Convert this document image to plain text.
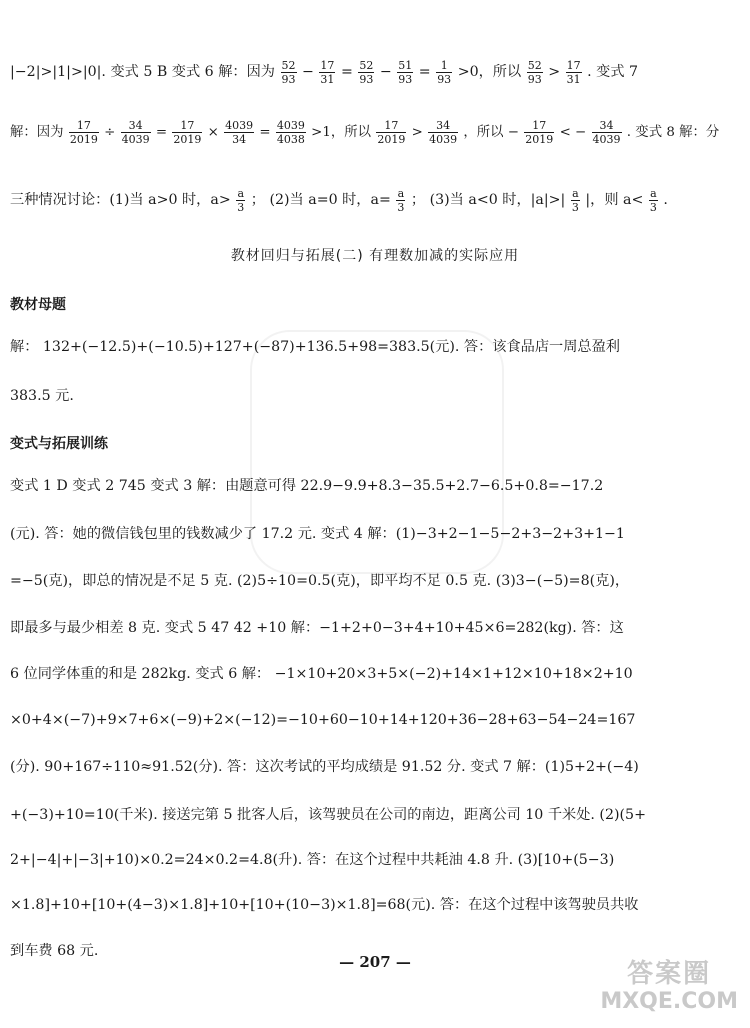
|−2|>|1|>|0|. 变式 5 B 变式 6 解：因为 $\frac{52}{93} - \frac{17}{31} = \frac{52}{93} - \frac{51}{93} = \frac{1}{93} >0$，所以 $\frac{52}{93} > \frac{17}{31}$ . 变式 7
解：因为 $\frac{17}{2019} \div \frac{34}{4039} = \frac{17}{2019} \times \frac{4039}{34} = \frac{4039}{4038} >1$，所以 $\frac{17}{2019} > \frac{34}{4039}$ ，所以 − $\frac{17}{2019}$ < − $\frac{34}{4039}$ . 变式 8 解：分
三种情况讨论：(1)当 a>0 时，$a> \frac{a}{3}$ ； (2)当 a=0 时，$a= \frac{a}{3}$ ； (3)当 a<0 时，$|a|>| \frac{a}{3}$ |，则 $a< \frac{a}{3}$ .
教材回归与拓展(二) 有理数加减的实际应用
教材母题
解： 132+(−12.5)+(−10.5)+127+(−87)+136.5+98=383.5(元). 答：该食品店一周总盈利
383.5 元.
变式与拓展训练
变式 1 D 变式 2 745 变式 3 解：由题意可得 22.9−9.9+8.3−35.5+2.7−6.5+0.8=−17.2
(元). 答：她的微信钱包里的钱数减少了 17.2 元. 变式 4 解：(1)−3+2−1−5−2+3−2+3+1−1
=−5(克)，即总的情况是不足 5 克. (2)5÷10=0.5(克)，即平均不足 0.5 克. (3)3−(−5)=8(克)，
即最多与最少相差 8 克. 变式 5 47 42 +10 解：−1+2+0−3+4+10+45×6=282(kg). 答：这
6 位同学体重的和是 282kg. 变式 6 解： −1×10+20×3+5×(−2)+14×1+12×10+18×2+10
×0+4×(−7)+9×7+6×(−9)+2×(−12)=−10+60−10+14+120+36−28+63−54−24=167
(分). 90+167÷110≈91.52(分). 答：这次考试的平均成绩是 91.52 分. 变式 7 解：(1)5+2+(−4)
+(−3)+10=10(千米). 接送完第 5 批客人后，该驾驶员在公司的南边，距离公司 10 千米处. (2)(5+
2+|−4|+|−3|+10)×0.2=24×0.2=4.8(升). 答：在这个过程中共耗油 4.8 升. (3)[10+(5−3)
×1.8]+10+[10+(4−3)×1.8]+10+[10+(10−3)×1.8]=68(元). 答：在这个过程中该驾驶员共收
到车费 68 元.
— 207 —	答案圈
MXQE.COM
